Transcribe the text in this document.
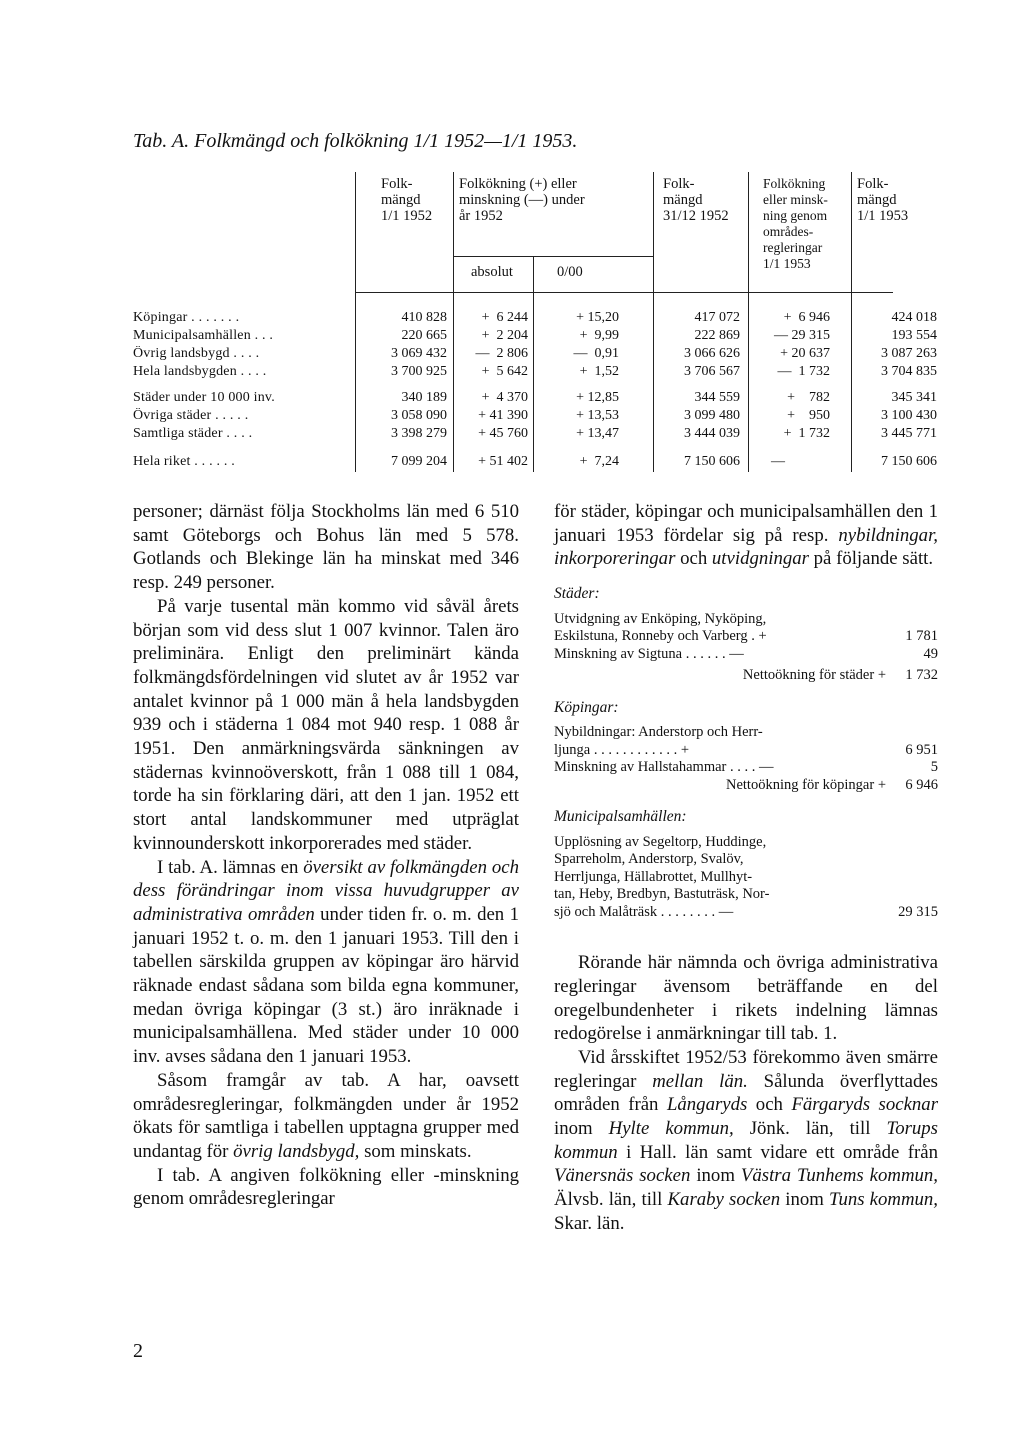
Tab. A. Folkmängd och folkökning 1/1 1952—1/1 1953.
Folk-
mängd
1/1 1952
Folkökning (+) eller
minskning (—) under
år 1952
absolut	0/00
Folk-
mängd
31/12 1952
Folkökning
eller minsk-
ning genom
områdes-
regleringar
1/1 1953
Folk-
mängd
1/1 1953
Köpingar . . . . . . .	410 828	+  6 244	+ 15,20	417 072	+  6 946	424 018
Municipalsamhällen . . .	220 665	+  2 204	+  9,99	222 869	— 29 315	193 554
Övrig landsbygd . . . .	3 069 432	—  2 806	—  0,91	3 066 626	+ 20 637	3 087 263
Hela landsbygden . . . .	3 700 925	+  5 642	+  1,52	3 706 567	—  1 732	3 704 835
Städer under 10 000 inv.	340 189	+  4 370	+ 12,85	344 559	+    782	345 341
Övriga städer . . . . .	3 058 090	+ 41 390	+ 13,53	3 099 480	+    950	3 100 430
Samtliga städer . . . .	3 398 279	+ 45 760	+ 13,47	3 444 039	+  1 732	3 445 771
Hela riket . . . . . .	7 099 204	+ 51 402	+  7,24	7 150 606	—	7 150 606

personer; därnäst följa Stockholms län med 6 510 samt Göteborgs och Bohus län med 5 578. Gotlands och Blekinge län ha minskat med 346 resp. 249 personer.

På varje tusental män kommo vid såväl årets början som vid dess slut 1 007 kvinnor. Talen äro preliminära. Enligt den preliminärt kända folkmängdsfördelningen vid slutet av år 1952 var antalet kvinnor på 1 000 män å hela landsbygden 939 och i städerna 1 084 mot 940 resp. 1 088 år 1951. Den anmärkningsvärda sänkningen av städernas kvinnoöverskott, från 1 088 till 1 084, torde ha sin förklaring däri, att den 1 jan. 1952 ett stort antal landskommuner med utpräglat kvinnounderskott inkorporerades med städer.

I tab. A. lämnas en översikt av folkmängden och dess förändringar inom vissa huvudgrupper av administrativa områden under tiden fr. o. m. den 1 januari 1952 t. o. m. den 1 januari 1953. Till den i tabellen särskilda gruppen av köpingar äro härvid räknade endast sådana som bilda egna kommuner, medan övriga köpingar (3 st.) äro inräknade i municipalsamhällena. Med städer under 10 000 inv. avses sådana den 1 januari 1953.

Såsom framgår av tab. A har, oavsett områdesregleringar, folkmängden under år 1952 ökats för samtliga i tabellen upptagna grupper med undantag för övrig landsbygd, som minskats.

I tab. A angiven folkökning eller -minskning genom områdesregleringar

för städer, köpingar och municipalsamhällen den 1 januari 1953 fördelar sig på resp. nybildningar, inkorporeringar och utvidgningar på följande sätt.

Städer:
Utvidgning av Enköping, Nyköping,
Eskilstuna, Ronneby och Varberg . +	1 781
Minskning av Sigtuna . . . . . . —	49
Nettoökning för städer +	1 732
Köpingar:
Nybildningar: Anderstorp och Herr-
ljunga . . . . . . . . . . . . +	6 951
Minskning av Hallstahammar . . . . —	5
Nettoökning för köpingar +	6 946
Municipalsamhällen:
Upplösning av Segeltorp, Huddinge,
Sparreholm, Anderstorp, Svalöv,
Herrljunga, Hällabrottet, Mullhyt-
tan, Heby, Bredbyn, Bastuträsk, Nor-
sjö och Malåträsk . . . . . . . . —	29 315

Rörande här nämnda och övriga administrativa regleringar ävensom beträffande en del oregelbundenheter i rikets indelning lämnas redogörelse i anmärkningar till tab. 1.

Vid årsskiftet 1952/53 förekommo även smärre regleringar mellan län. Sålunda överflyttades områden från Långaryds och Färgaryds socknar inom Hylte kommun, Jönk. län, till Torups kommun i Hall. län samt vidare ett område från Vänersnäs socken inom Västra Tunhems kommun, Älvsb. län, till Karaby socken inom Tuns kommun, Skar. län.

2
